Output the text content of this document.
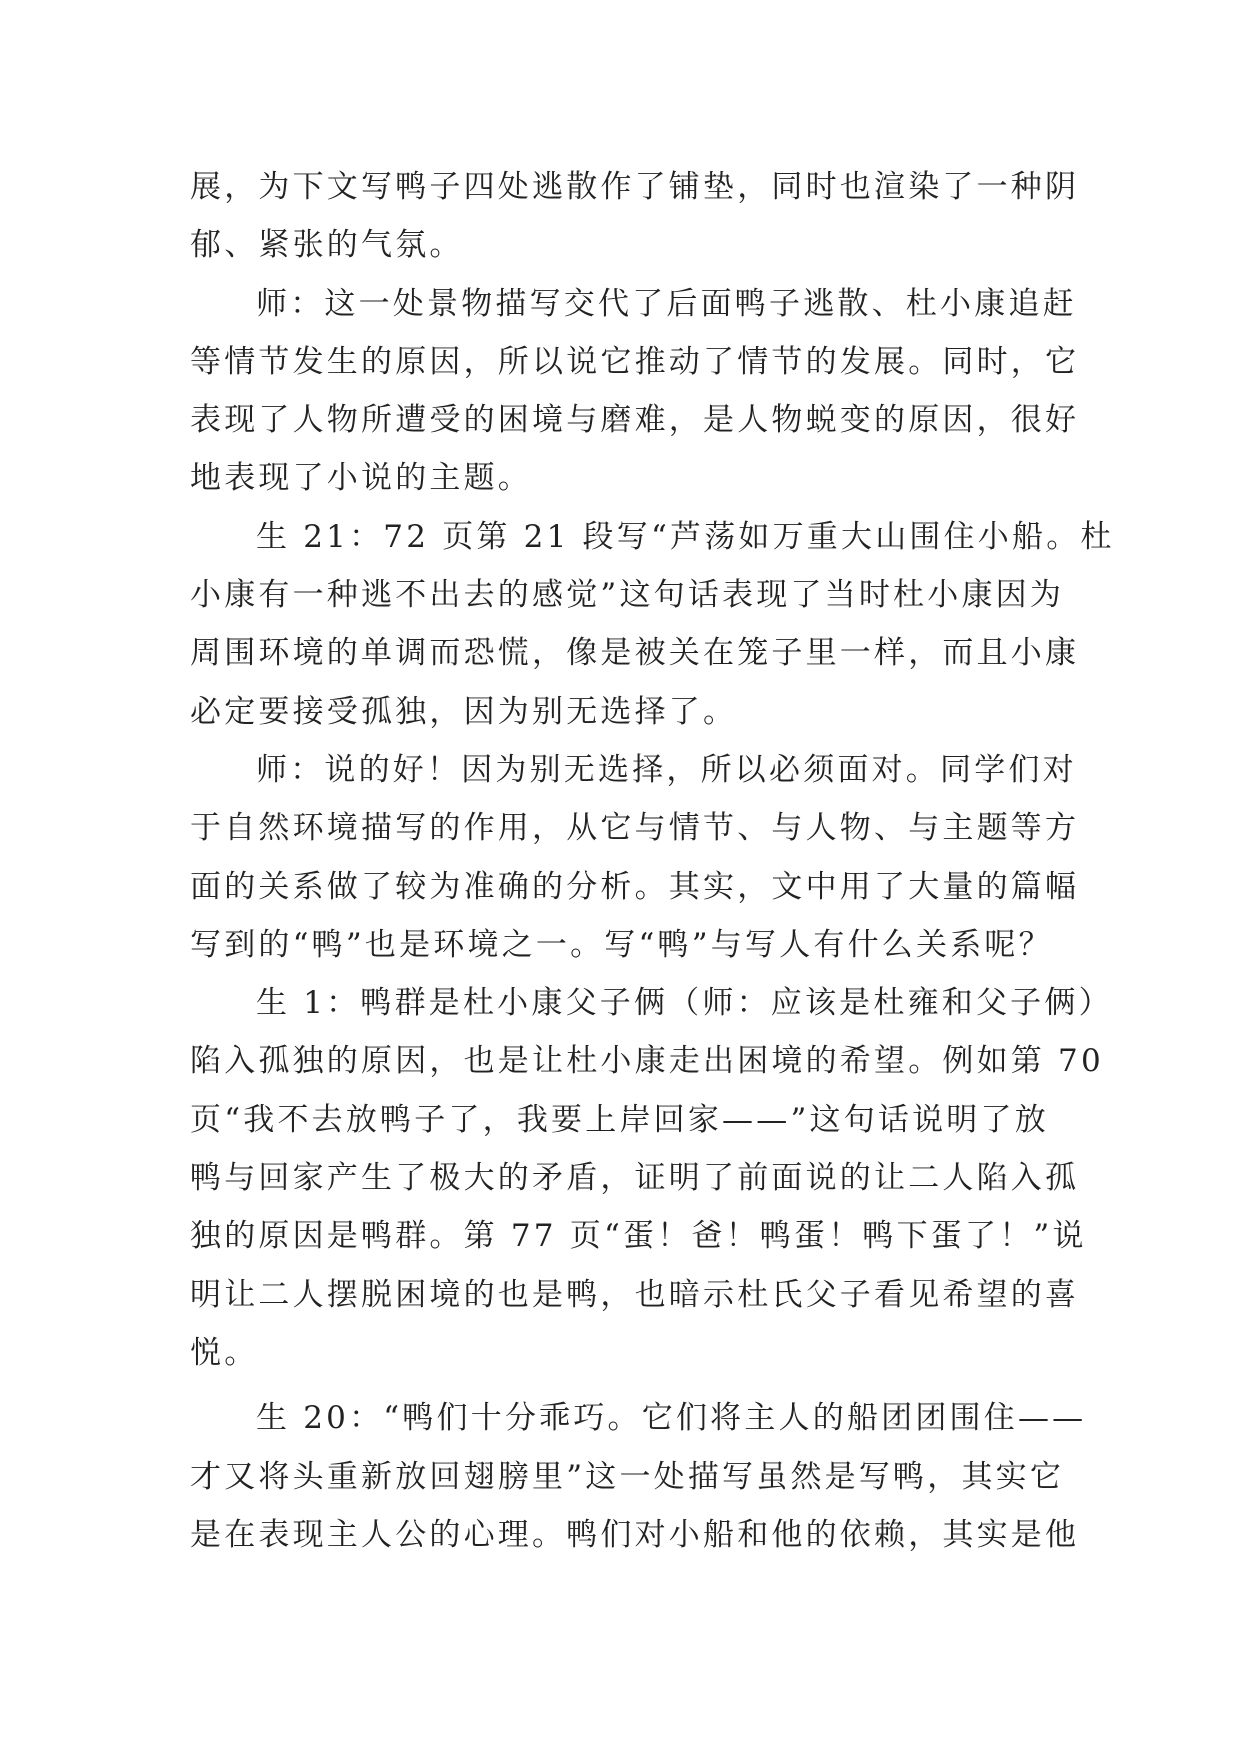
展，为下文写鸭子四处逃散作了铺垫，同时也渲染了一种阴
郁、紧张的气氛。
师：这一处景物描写交代了后面鸭子逃散、杜小康追赶
等情节发生的原因，所以说它推动了情节的发展。同时，它
表现了人物所遭受的困境与磨难，是人物蜕变的原因，很好
地表现了小说的主题。
生 21：72 页第 21 段写“芦荡如万重大山围住小船。杜
小康有一种逃不出去的感觉”这句话表现了当时杜小康因为
周围环境的单调而恐慌，像是被关在笼子里一样，而且小康
必定要接受孤独，因为别无选择了。
师：说的好！因为别无选择，所以必须面对。同学们对
于自然环境描写的作用，从它与情节、与人物、与主题等方
面的关系做了较为准确的分析。其实，文中用了大量的篇幅
写到的“鸭”也是环境之一。写“鸭”与写人有什么关系呢？
生 1：鸭群是杜小康父子俩（师：应该是杜雍和父子俩）
陷入孤独的原因，也是让杜小康走出困境的希望。例如第 70
页“我不去放鸭子了，我要上岸回家——”这句话说明了放
鸭与回家产生了极大的矛盾，证明了前面说的让二人陷入孤
独的原因是鸭群。第 77 页“蛋！爸！鸭蛋！鸭下蛋了！”说
明让二人摆脱困境的也是鸭，也暗示杜氏父子看见希望的喜
悦。
生 20：“鸭们十分乖巧。它们将主人的船团团围住——
才又将头重新放回翅膀里”这一处描写虽然是写鸭，其实它
是在表现主人公的心理。鸭们对小船和他的依赖，其实是他
